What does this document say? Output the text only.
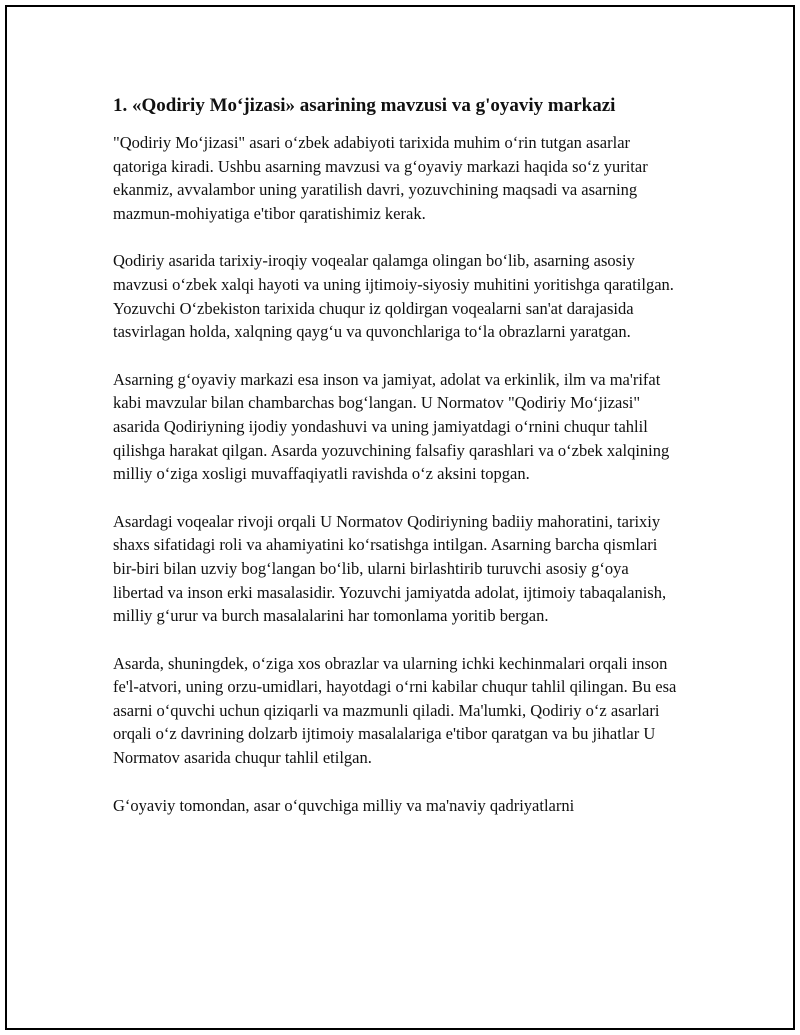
1. «Qodiriy Mo‘jizasi» asarining mavzusi va g'oyaviy markazi

"Qodiriy Mo‘jizasi" asari o‘zbek adabiyoti tarixida muhim o‘rin tutgan asarlar qatoriga kiradi. Ushbu asarning mavzusi va g‘oyaviy markazi haqida so‘z yuritar ekanmiz, avvalambor uning yaratilish davri, yozuvchining maqsadi va asarning mazmun-mohiyatiga e'tibor qaratishimiz kerak.

Qodiriy asarida tarixiy-iroqiy voqealar qalamga olingan bo‘lib, asarning asosiy mavzusi o‘zbek xalqi hayoti va uning ijtimoiy-siyosiy muhitini yoritishga qaratilgan. Yozuvchi O‘zbekiston tarixida chuqur iz qoldirgan voqealarni san'at darajasida tasvirlagan holda, xalqning qayg‘u va quvonchlariga to‘la obrazlarni yaratgan.

Asarning g‘oyaviy markazi esa inson va jamiyat, adolat va erkinlik, ilm va ma'rifat kabi mavzular bilan chambarchas bog‘langan. U Normatov "Qodiriy Mo‘jizasi" asarida Qodiriyning ijodiy yondashuvi va uning jamiyatdagi o‘rnini chuqur tahlil qilishga harakat qilgan. Asarda yozuvchining falsafiy qarashlari va o‘zbek xalqining milliy o‘ziga xosligi muvaffaqiyatli ravishda o‘z aksini topgan.

Asardagi voqealar rivoji orqali U Normatov Qodiriyning badiiy mahoratini, tarixiy shaxs sifatidagi roli va ahamiyatini ko‘rsatishga intilgan. Asarning barcha qismlari bir-biri bilan uzviy bog‘langan bo‘lib, ularni birlashtirib turuvchi asosiy g‘oya libertad va inson erki masalasidir. Yozuvchi jamiyatda adolat, ijtimoiy tabaqalanish, milliy g‘urur va burch masalalarini har tomonlama yoritib bergan.

Asarda, shuningdek, o‘ziga xos obrazlar va ularning ichki kechinmalari orqali inson fe'l-atvori, uning orzu-umidlari, hayotdagi o‘rni kabilar chuqur tahlil qilingan. Bu esa asarni o‘quvchi uchun qiziqarli va mazmunli qiladi. Ma'lumki, Qodiriy o‘z asarlari orqali o‘z davrining dolzarb ijtimoiy masalalariga e'tibor qaratgan va bu jihatlar U Normatov asarida chuqur tahlil etilgan.

G‘oyaviy tomondan, asar o‘quvchiga milliy va ma'naviy qadriyatlarni
